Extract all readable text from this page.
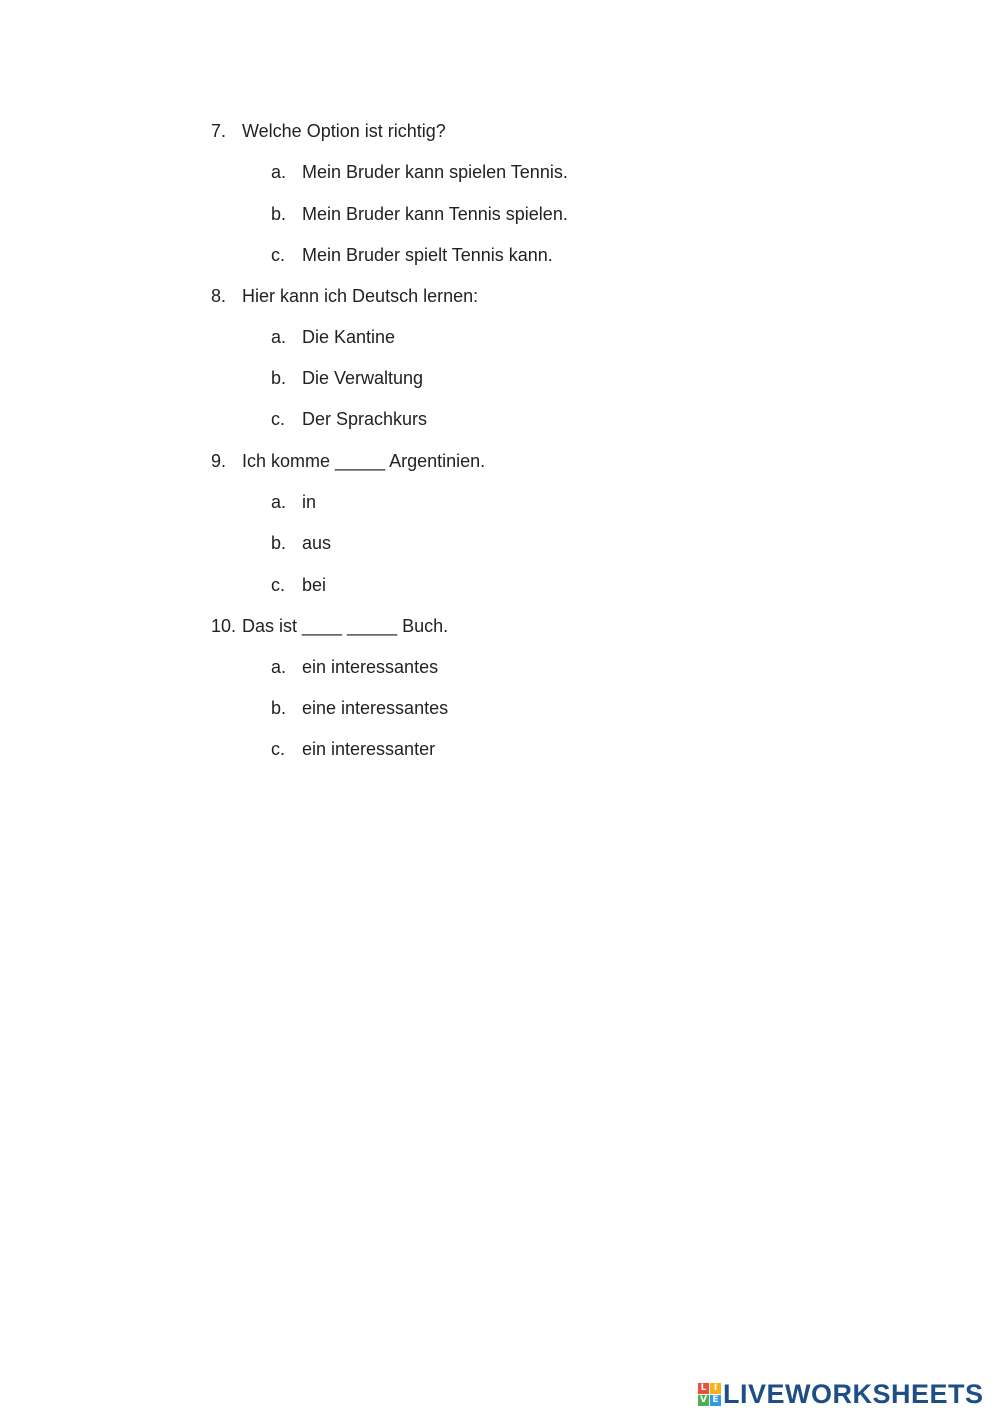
7. Welche Option ist richtig?
a. Mein Bruder kann spielen Tennis.
b. Mein Bruder kann Tennis spielen.
c. Mein Bruder spielt Tennis kann.
8. Hier kann ich Deutsch lernen:
a. Die Kantine
b. Die Verwaltung
c. Der Sprachkurs
9. Ich komme _____ Argentinien.
a. in
b. aus
c. bei
10. Das ist ____ _____ Buch.
a. ein interessantes
b. eine interessantes
c. ein interessanter
L I
V E LIVEWORKSHEETS
